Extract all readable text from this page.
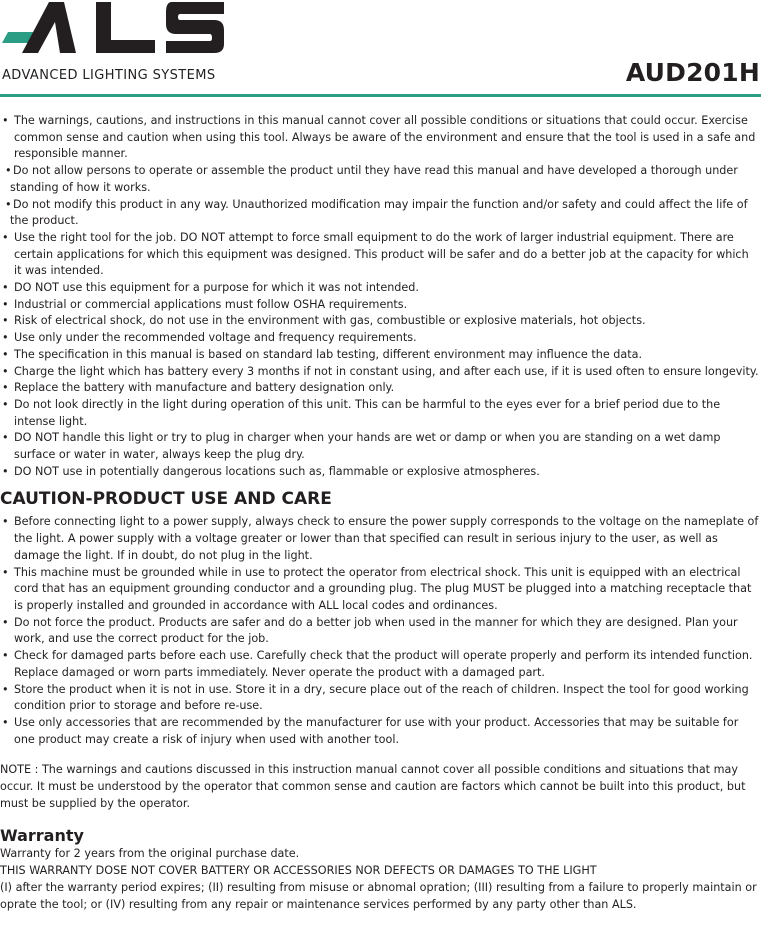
ADVANCED LIGHTING SYSTEMS	AUD201H
• The warnings, cautions, and instructions in this manual cannot cover all possible conditions or situations that could occur. Exercise common sense and caution when using this tool. Always be aware of the environment and ensure that the tool is used in a safe and responsible manner.
• Do not allow persons to operate or assemble the product until they have read this manual and have developed a thorough under standing of how it works.
• Do not modify this product in any way. Unauthorized modification may impair the function and/or safety and could affect the life of the product.
• Use the right tool for the job. DO NOT attempt to force small equipment to do the work of larger industrial equipment. There are certain applications for which this equipment was designed. This product will be safer and do a better job at the capacity for which it was intended.
• DO NOT use this equipment for a purpose for which it was not intended.
• Industrial or commercial applications must follow OSHA requirements.
• Risk of electrical shock, do not use in the environment with gas, combustible or explosive materials, hot objects.
• Use only under the recommended voltage and frequency requirements.
• The specification in this manual is based on standard lab testing, different environment may influence the data.
• Charge the light which has battery every 3 months if not in constant using, and after each use, if it is used often to ensure longevity.
• Replace the battery with manufacture and battery designation only.
• Do not look directly in the light during operation of this unit. This can be harmful to the eyes ever for a brief period due to the intense light.
• DO NOT handle this light or try to plug in charger when your hands are wet or damp or when you are standing on a wet damp surface or water in water, always keep the plug dry.
• DO NOT use in potentially dangerous locations such as, flammable or explosive atmospheres.
CAUTION-PRODUCT USE AND CARE
• Before connecting light to a power supply, always check to ensure the power supply corresponds to the voltage on the nameplate of the light. A power supply with a voltage greater or lower than that specified can result in serious injury to the user, as well as damage the light. If in doubt, do not plug in the light.
• This machine must be grounded while in use to protect the operator from electrical shock. This unit is equipped with an electrical cord that has an equipment grounding conductor and a grounding plug. The plug MUST be plugged into a matching receptacle that is properly installed and grounded in accordance with ALL local codes and ordinances.
• Do not force the product. Products are safer and do a better job when used in the manner for which they are designed. Plan your work, and use the correct product for the job.
• Check for damaged parts before each use. Carefully check that the product will operate properly and perform its intended function. Replace damaged or worn parts immediately. Never operate the product with a damaged part.
• Store the product when it is not in use. Store it in a dry, secure place out of the reach of children. Inspect the tool for good working condition prior to storage and before re-use.
• Use only accessories that are recommended by the manufacturer for use with your product. Accessories that may be suitable for one product may create a risk of injury when used with another tool.

NOTE : The warnings and cautions discussed in this instruction manual cannot cover all possible conditions and situations that may occur. It must be understood by the operator that common sense and caution are factors which cannot be built into this product, but must be supplied by the operator.

Warranty

Warranty for 2 years from the original purchase date.

THIS WARRANTY DOSE NOT COVER BATTERY OR ACCESSORIES NOR DEFECTS OR DAMAGES TO THE LIGHT

(I) after the warranty period expires; (II) resulting from misuse or abnomal opration; (III) resulting from a failure to properly maintain or oprate the tool; or (IV) resulting from any repair or maintenance services performed by any party other than ALS.
